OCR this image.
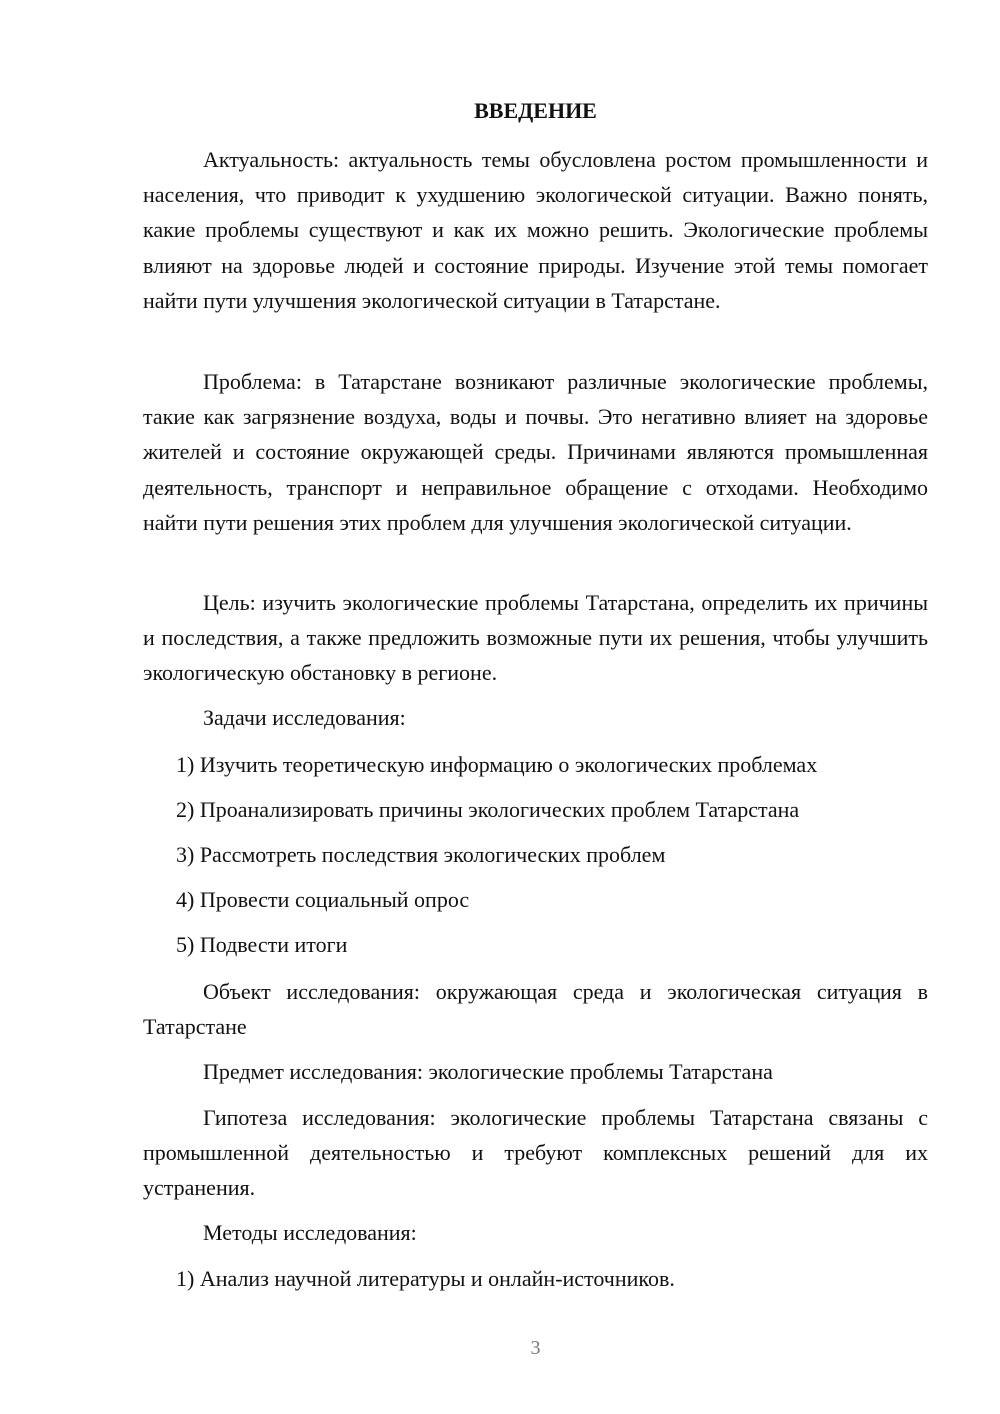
ВВЕДЕНИЕ

Актуальность: актуальность темы обусловлена ростом промышленности и населения, что приводит к ухудшению экологической ситуации. Важно понять, какие проблемы существуют и как их можно решить. Экологические проблемы влияют на здоровье людей и состояние природы. Изучение этой темы помогает найти пути улучшения экологической ситуации в Татарстане.

Проблема: в Татарстане возникают различные экологические проблемы, такие как загрязнение воздуха, воды и почвы. Это негативно влияет на здоровье жителей и состояние окружающей среды. Причинами являются промышленная деятельность, транспорт и неправильное обращение с отходами. Необходимо найти пути решения этих проблем для улучшения экологической ситуации.

Цель: изучить экологические проблемы Татарстана, определить их причины и последствия, а также предложить возможные пути их решения, чтобы улучшить экологическую обстановку в регионе.

Задачи исследования:
1) Изучить теоретическую информацию о экологических проблемах
2) Проанализировать причины экологических проблем Татарстана
3) Рассмотреть последствия экологических проблем
4) Провести социальный опрос
5) Подвести итоги

Объект исследования: окружающая среда и экологическая ситуация в Татарстане

Предмет исследования: экологические проблемы Татарстана

Гипотеза исследования: экологические проблемы Татарстана связаны с промышленной деятельностью и требуют комплексных решений для их устранения.

Методы исследования:
1) Анализ научной литературы и онлайн-источников.
3
